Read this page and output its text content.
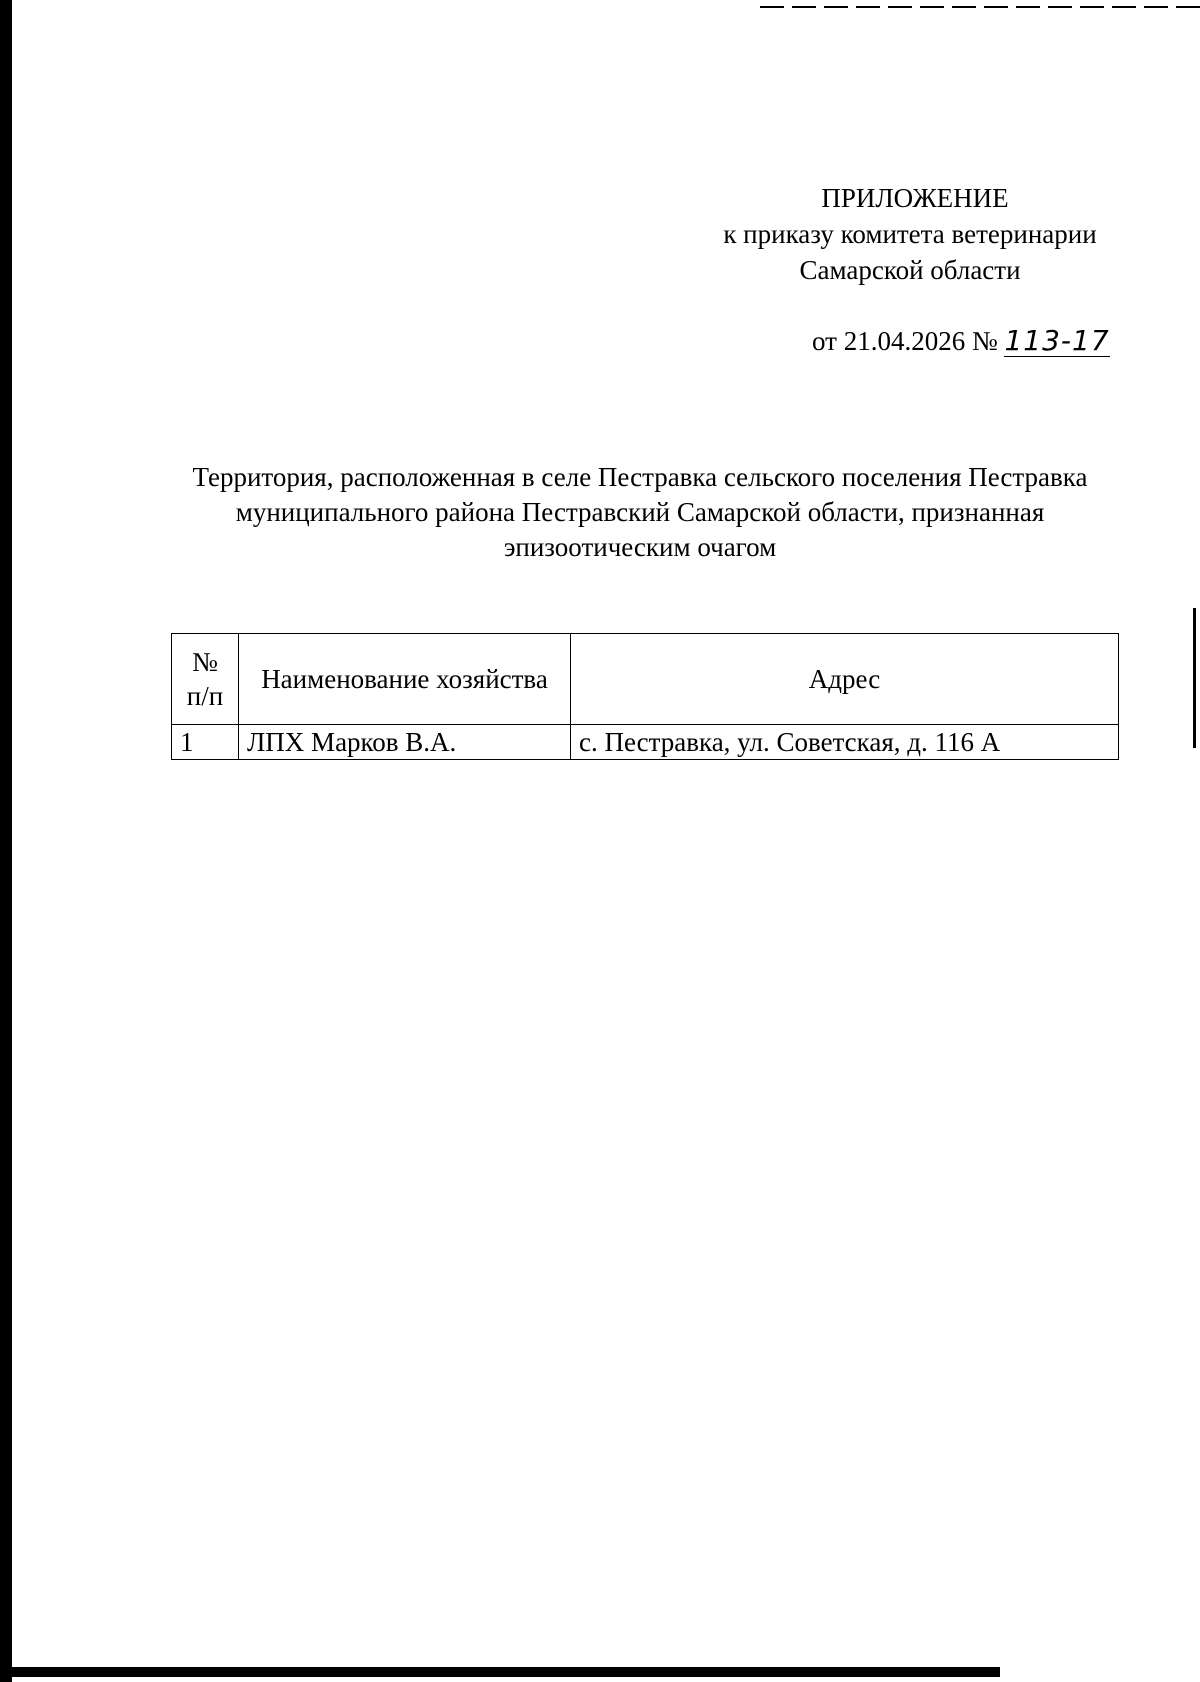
ПРИЛОЖЕНИЕ
к приказу комитета ветеринарии
Самарской области
от 21.04.2026 № 113-17
Территория, расположенная в селе Пестравка сельского поселения Пестравка муниципального района Пестравский Самарской области, признанная эпизоотическим очагом
№
п/п	Наименование хозяйства	Адрес
1	ЛПХ Марков В.А.	с. Пестравка, ул. Советская, д. 116 А
